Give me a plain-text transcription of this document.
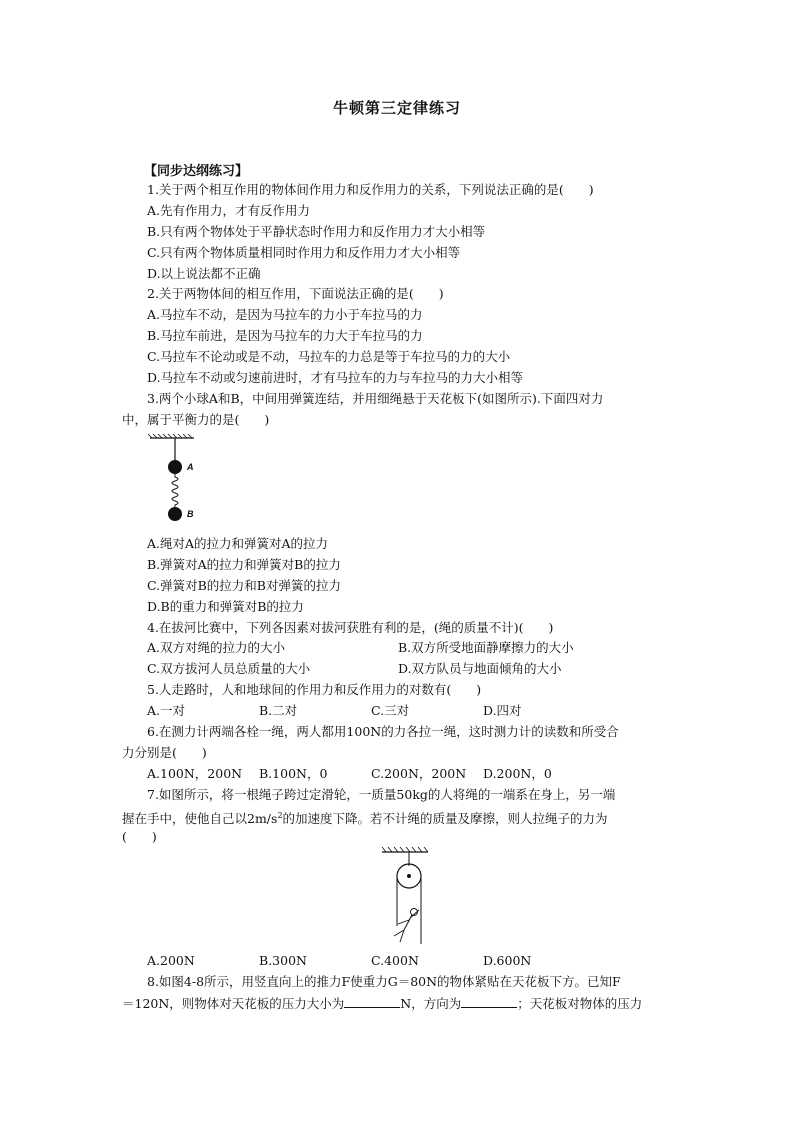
牛顿第三定律练习
【同步达纲练习】
1.关于两个相互作用的物体间作用力和反作用力的关系，下列说法正确的是(　　)
A.先有作用力，才有反作用力
B.只有两个物体处于平静状态时作用力和反作用力才大小相等
C.只有两个物体质量相同时作用力和反作用力才大小相等
D.以上说法都不正确
2.关于两物体间的相互作用，下面说法正确的是(　　)
A.马拉车不动，是因为马拉车的力小于车拉马的力
B.马拉车前进，是因为马拉车的力大于车拉马的力
C.马拉车不论动或是不动，马拉车的力总是等于车拉马的力的大小
D.马拉车不动或匀速前进时，才有马拉车的力与车拉马的力大小相等
3.两个小球A和B，中间用弹簧连结，并用细绳悬于天花板下(如图所示).下面四对力
中，属于平衡力的是(　　)
A
B
A.绳对A的拉力和弹簧对A的拉力
B.弹簧对A的拉力和弹簧对B的拉力
C.弹簧对B的拉力和B对弹簧的拉力
D.B的重力和弹簧对B的拉力
4.在拔河比赛中，下列各因素对拔河获胜有利的是，(绳的质量不计)(　　)
A.双方对绳的拉力的大小	B.双方所受地面静摩擦力的大小
C.双方拔河人员总质量的大小	D.双方队员与地面倾角的大小
5.人走路时，人和地球间的作用力和反作用力的对数有(　　)
A.一对	B.二对	C.三对	D.四对
6.在测力计两端各栓一绳，两人都用100N的力各拉一绳，这时测力计的读数和所受合
力分别是(　　)
A.100N，200N B.100N，0	C.200N，200N D.200N，0
7.如图所示，将一根绳子跨过定滑轮，一质量50kg的人将绳的一端系在身上，另一端
握在手中，使他自己以$2m/s^2$的加速度下降。若不计绳的质量及摩擦，则人拉绳子的力为
(　　)
A.200N	B.300N	C.400N	D.600N
8.如图4-8所示，用竖直向上的推力F使重力G＝80N的物体紧贴在天花板下方。已知F
＝120N，则物体对天花板的压力大小为	N，方向为	；天花板对物体的压力
